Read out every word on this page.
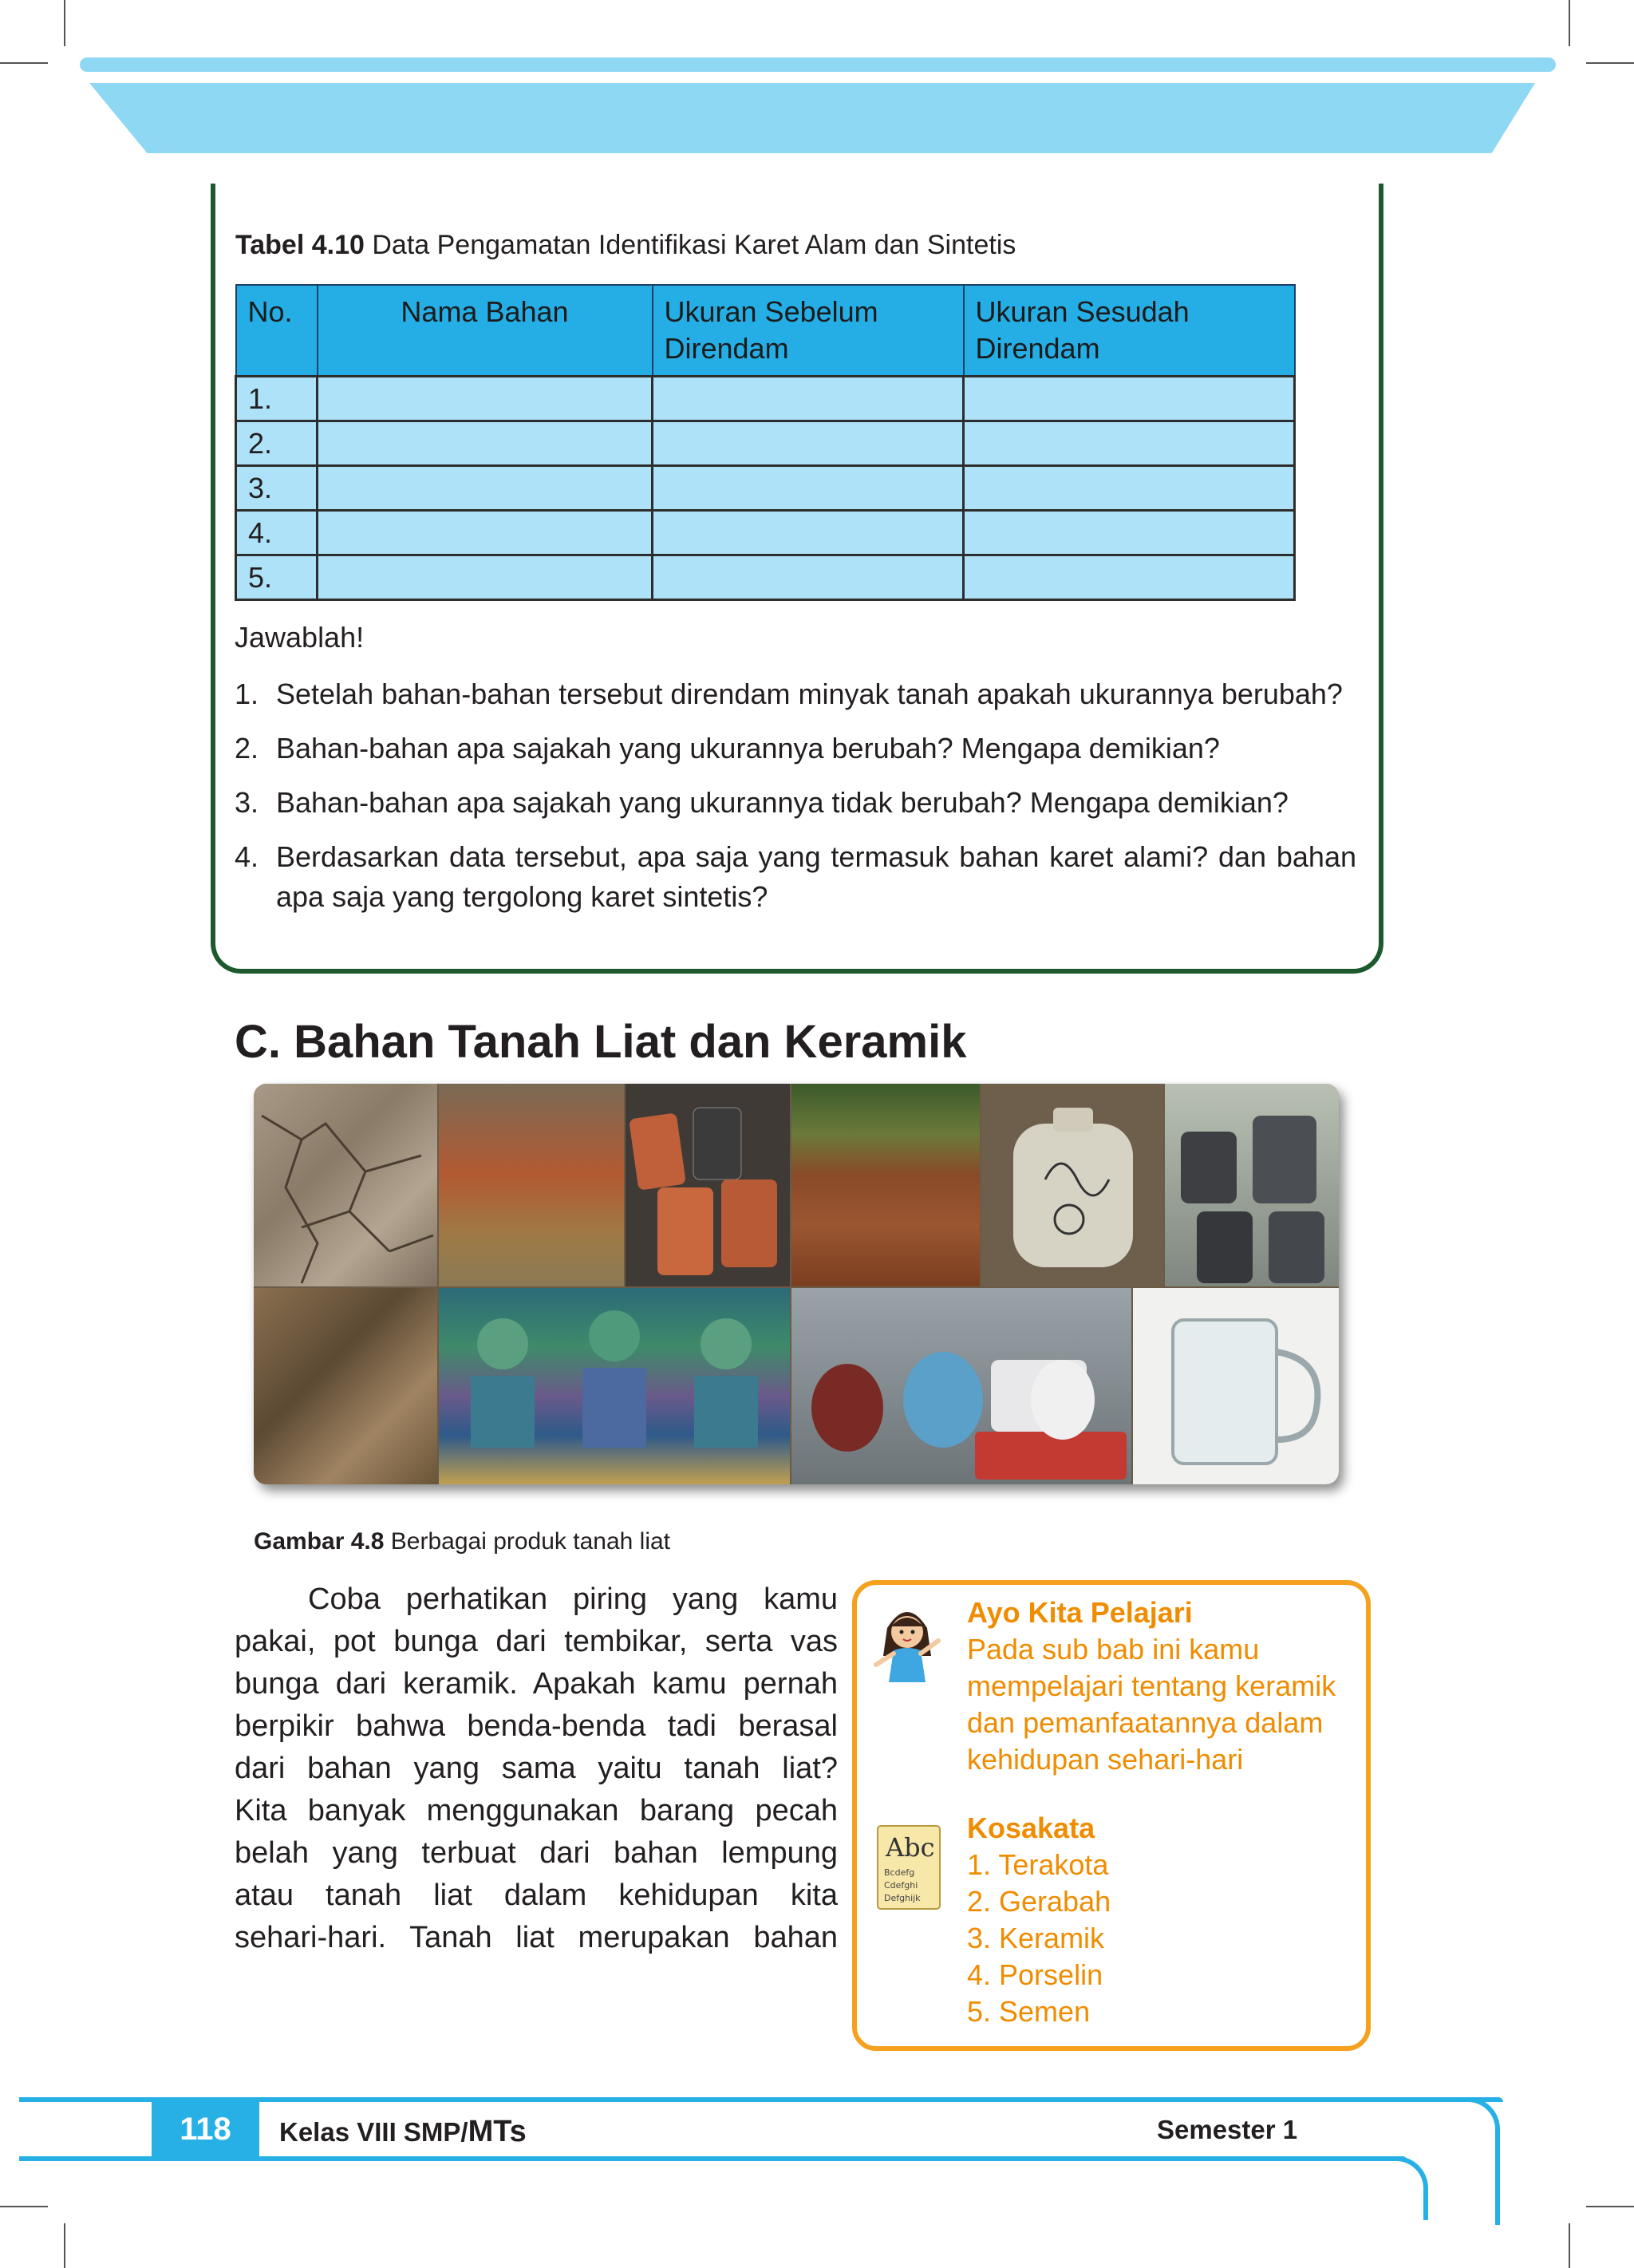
Tabel 4.10 Data Pengamatan Identifikasi Karet Alam dan Sintetis
No.	Nama Bahan	Ukuran Sebelum Direndam	Ukuran Sesudah Direndam

1.			
2.			
3.			
4.			
5.			
Jawablah!
1. Setelah bahan-bahan tersebut direndam minyak tanah apakah ukurannya berubah?
2. Bahan-bahan apa sajakah yang ukurannya berubah? Mengapa demikian?
3. Bahan-bahan apa sajakah yang ukurannya tidak berubah? Mengapa demikian?
4. Berdasarkan data tersebut, apa saja yang termasuk bahan karet alami? dan bahan apa saja yang tergolong karet sintetis?
C. Bahan Tanah Liat dan Keramik
Gambar 4.8 Berbagai produk tanah liat
Coba perhatikan piring yang kamu
pakai, pot bunga dari tembikar, serta vas
bunga dari keramik. Apakah kamu pernah
berpikir bahwa benda-benda tadi berasal
dari bahan yang sama yaitu tanah liat?
Kita banyak menggunakan barang pecah
belah yang terbuat dari bahan lempung
atau tanah liat dalam kehidupan kita
sehari-hari. Tanah liat merupakan bahan
Ayo Kita Pelajari
Pada sub bab ini kamu
mempelajari tentang keramik
dan pemanfaatannya dalam
kehidupan sehari-hari
Abc
Bcdefg
Cdefghi
Defghijk
Kosakata
1. Terakota
2. Gerabah
3. Keramik
4. Porselin
5. Semen
118	Kelas VIII SMP/MTs	Semester 1
